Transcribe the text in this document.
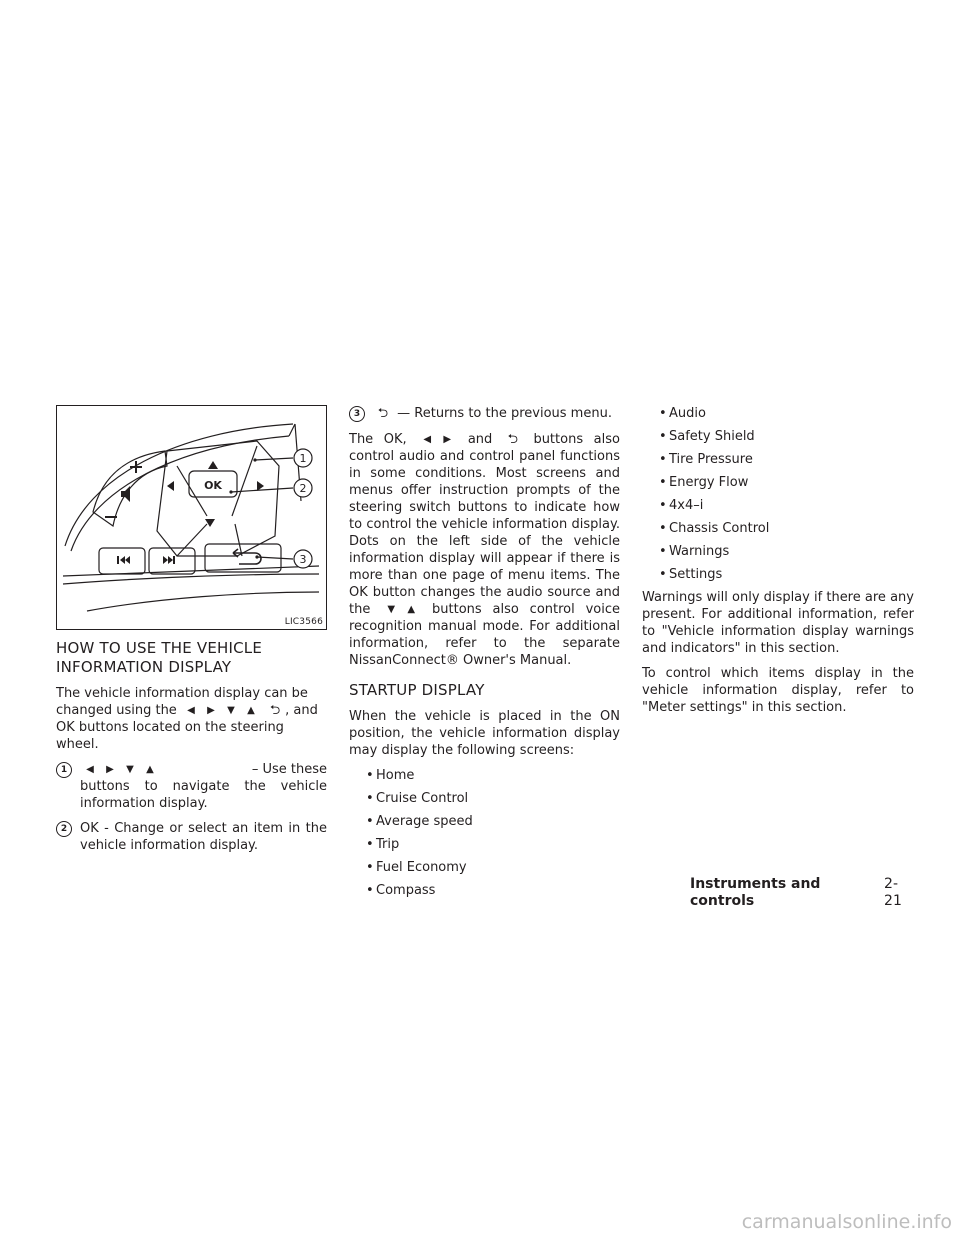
OK
1
2
3
LIC3566
HOW TO USE THE VEHICLE INFORMATION DISPLAY

The vehicle information display can be changed using the ◀ ▶ ▼ ▲ ⮌ , and OK buttons located on the steering wheel.

1	◀ ▶ ▼ ▲	– Use these
buttons to navigate the vehicle information display.
2 OK - Change or select an item in the vehicle information display.
3	⮌ — Returns to the previous menu.

The OK, ◀ ▶ and ⮌ buttons also control audio and control panel functions in some conditions. Most screens and menus offer instruction prompts of the steering switch buttons to indicate how to control the vehicle information display. Dots on the left side of the vehicle information display will appear if there is more than one page of menu items. The OK button changes the audio source and the ▼ ▲ buttons also control voice recognition manual mode. For additional information, refer to the separate NissanConnect® Owner's Manual.

STARTUP DISPLAY

When the vehicle is placed in the ON position, the vehicle information display may display the following screens:

• Home
• Cruise Control
• Average speed
• Trip
• Fuel Economy
• Compass
• Audio
• Safety Shield
• Tire Pressure
• Energy Flow
• 4x4–i
• Chassis Control
• Warnings
• Settings

Warnings will only display if there are any present. For additional information, refer to "Vehicle information display warnings and indicators" in this section.

To control which items display in the vehicle information display, refer to "Meter settings" in this section.

Instruments and controls
2-21
carmanualsonline.info
